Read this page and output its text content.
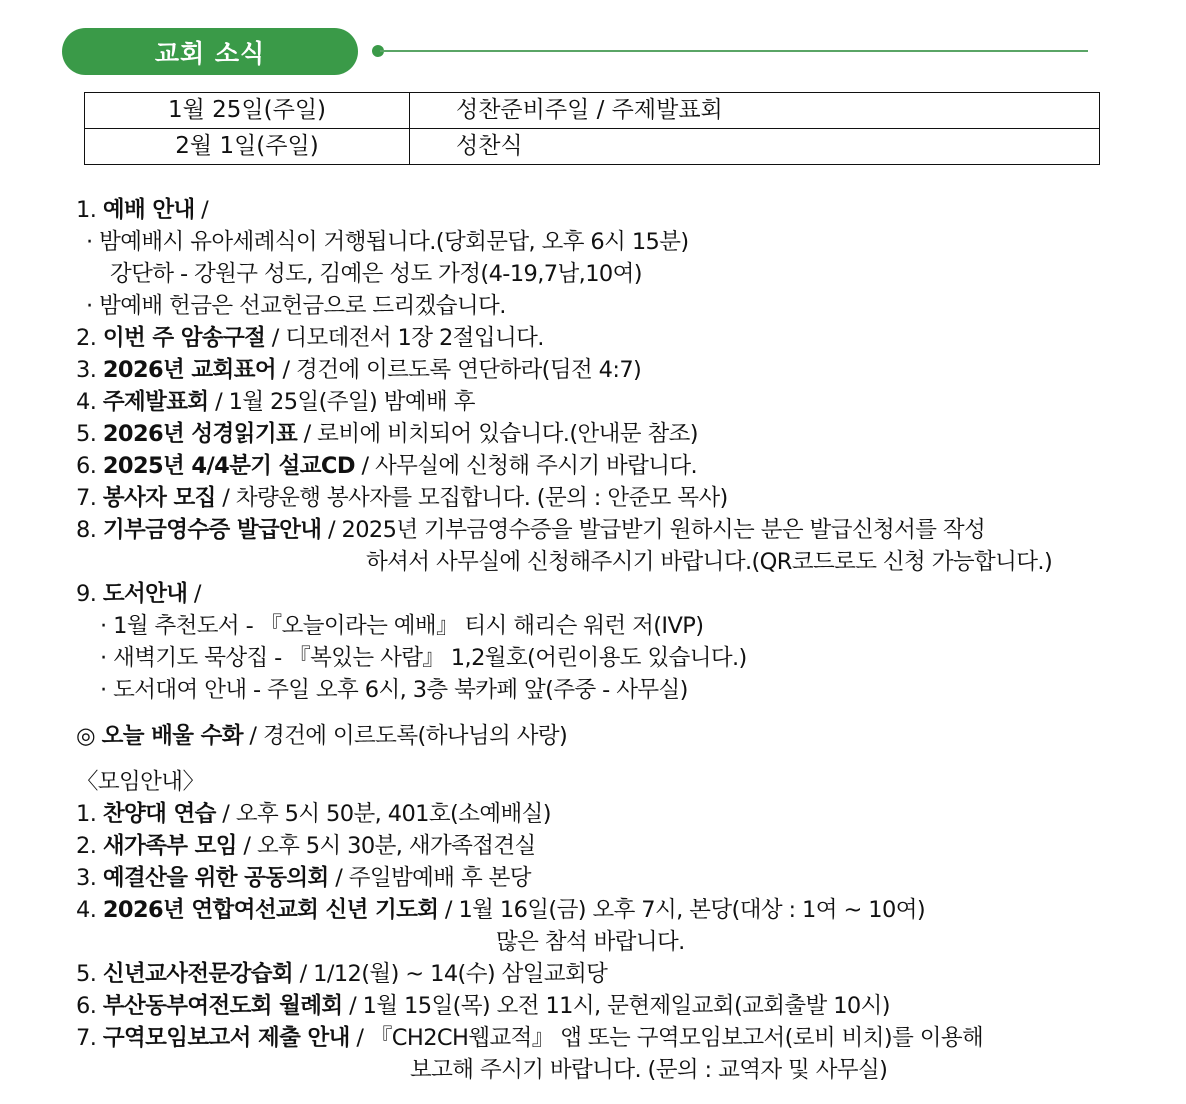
교회 소식
1월 25일(주일)	성찬준비주일 / 주제발표회
2월 1일(주일)	성찬식
1. 예배 안내 /
· 밤예배시 유아세례식이 거행됩니다.(당회문답, 오후 6시 15분)
강단하 - 강원구 성도, 김예은 성도 가정(4-19,7남,10여)
· 밤예배 헌금은 선교헌금으로 드리겠습니다.
2. 이번 주 암송구절 / 디모데전서 1장 2절입니다.
3. 2026년 교회표어 / 경건에 이르도록 연단하라(딤전 4:7)
4. 주제발표회 / 1월 25일(주일) 밤예배 후
5. 2026년 성경읽기표 / 로비에 비치되어 있습니다.(안내문 참조)
6. 2025년 4/4분기 설교CD / 사무실에 신청해 주시기 바랍니다.
7. 봉사자 모집 / 차량운행 봉사자를 모집합니다. (문의 : 안준모 목사)
8. 기부금영수증 발급안내 / 2025년 기부금영수증을 발급받기 원하시는 분은 발급신청서를 작성
하셔서 사무실에 신청해주시기 바랍니다.(QR코드로도 신청 가능합니다.)
9. 도서안내 /
· 1월 추천도서 - 『오늘이라는 예배』 티시 해리슨 워런 저(IVP)
· 새벽기도 묵상집 - 『복있는 사람』 1,2월호(어린이용도 있습니다.)
· 도서대여 안내 - 주일 오후 6시, 3층 북카페 앞(주중 - 사무실)
◎ 오늘 배울 수화 / 경건에 이르도록(하나님의 사랑)
〈모임안내〉
1. 찬양대 연습 / 오후 5시 50분, 401호(소예배실)
2. 새가족부 모임 / 오후 5시 30분, 새가족접견실
3. 예결산을 위한 공동의회 / 주일밤예배 후 본당
4. 2026년 연합여선교회 신년 기도회 / 1월 16일(금) 오후 7시, 본당(대상 : 1여 ~ 10여)
많은 참석 바랍니다.
5. 신년교사전문강습회 / 1/12(월) ~ 14(수) 삼일교회당
6. 부산동부여전도회 월례회 / 1월 15일(목) 오전 11시, 문현제일교회(교회출발 10시)
7. 구역모임보고서 제출 안내 / 『CH2CH웹교적』 앱 또는 구역모임보고서(로비 비치)를 이용해
보고해 주시기 바랍니다. (문의 : 교역자 및 사무실)
